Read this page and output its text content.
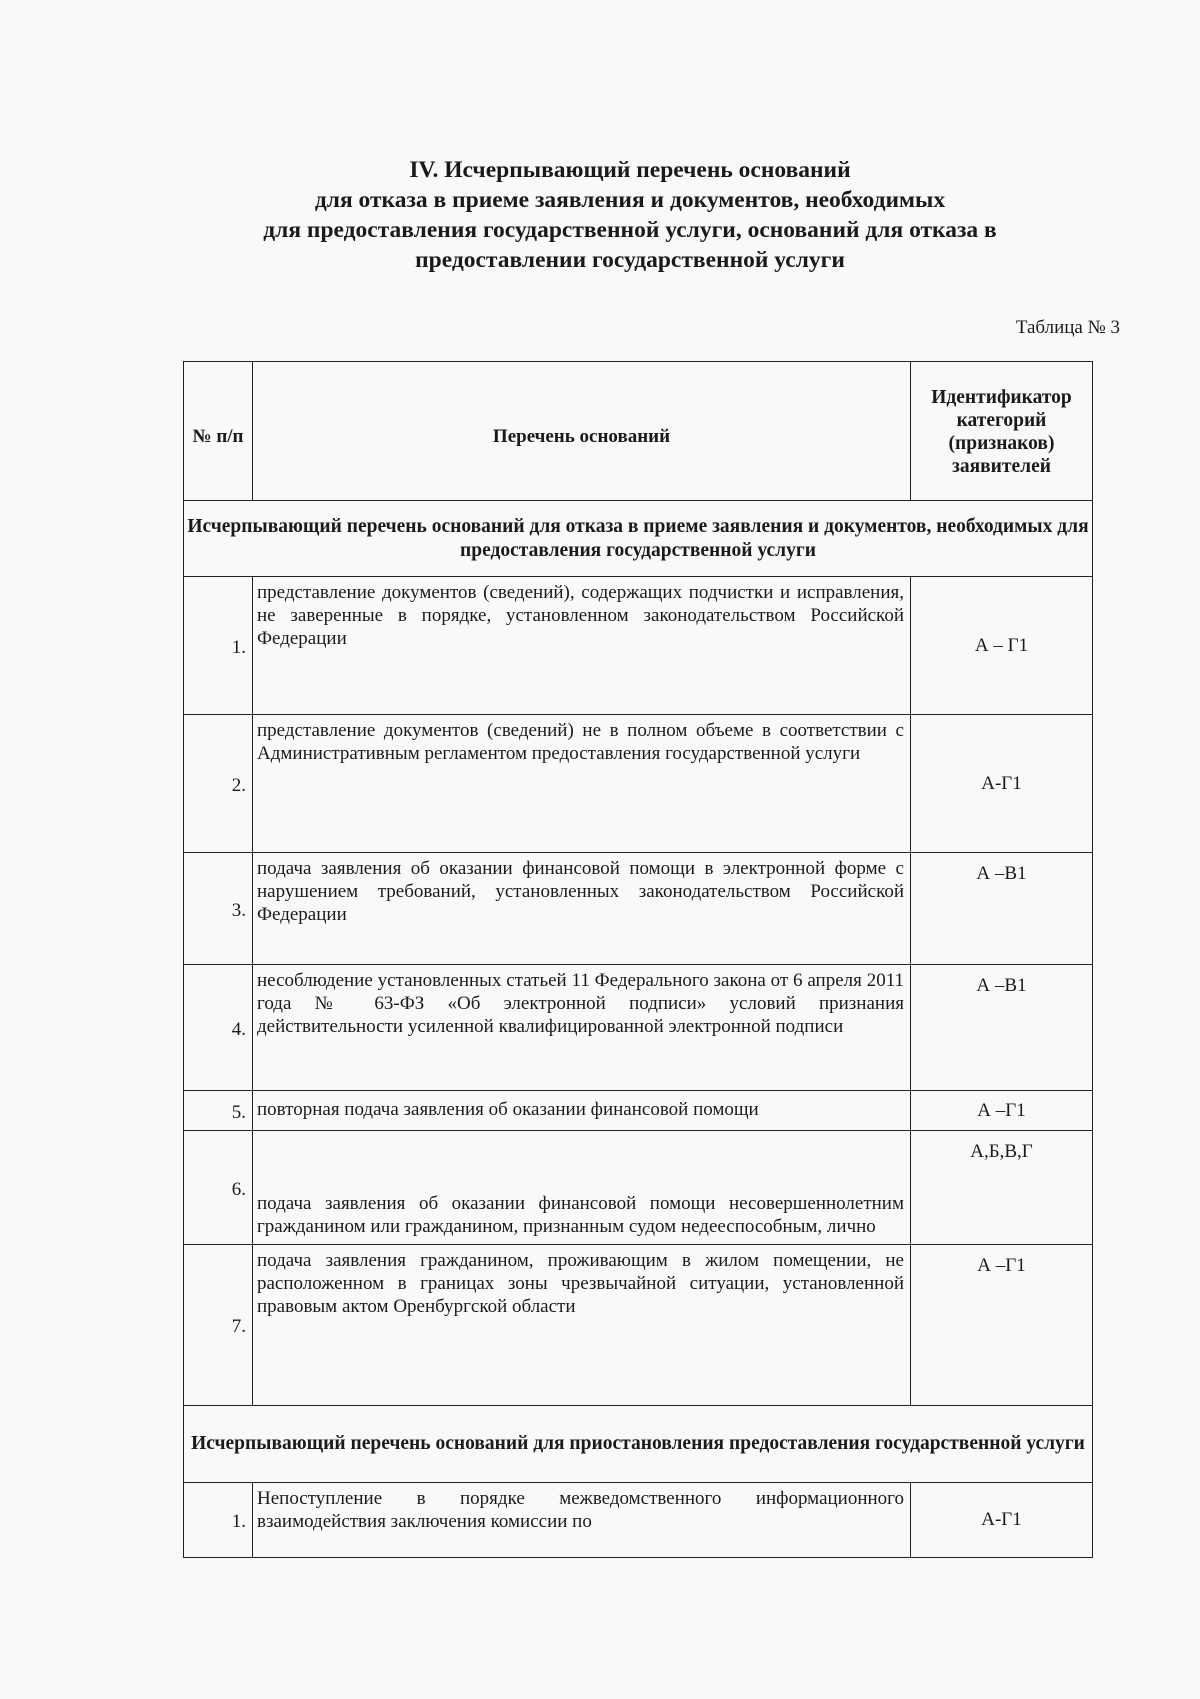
IV. Исчерпывающий перечень оснований
для отказа в приеме заявления и документов, необходимых
для предоставления государственной услуги, оснований для отказа в
предоставлении государственной услуги

Таблица № 3

№ п/п	Перечень оснований	Идентификатор категорий (признаков) заявителей
Исчерпывающий перечень оснований для отказа в приеме заявления и документов, необходимых для предоставления государственной услуги		
1.	представление документов (сведений), содержащих подчистки и исправления, не заверенные в порядке, установленном законодательством Российской Федерации	А – Г1
2.	представление документов (сведений) не в полном объеме в соответствии с Административным регламентом предоставления государственной услуги	А-Г1
3.	подача заявления об оказании финансовой помощи в электронной форме с нарушением требований, установленных законодательством Российской Федерации	А –В1
4.	несоблюдение установленных статьей 11 Федерального закона от 6 апреля 2011 года № 63-ФЗ «Об электронной подписи» условий признания действительности усиленной квалифицированной электронной подписи	А –В1
5.	повторная подача заявления об оказании финансовой помощи	А –Г1
6.	подача заявления об оказании финансовой помощи несовершеннолетним гражданином или гражданином, признанным судом недееспособным, лично	А,Б,В,Г
7.	подача заявления гражданином, проживающим в жилом помещении, не расположенном в границах зоны чрезвычайной ситуации, установленной правовым актом Оренбургской области	А –Г1
Исчерпывающий перечень оснований для приостановления предоставления государственной услуги		
1.	Непоступление в порядке межведомственного информационного взаимодействия заключения комиссии по	А-Г1
